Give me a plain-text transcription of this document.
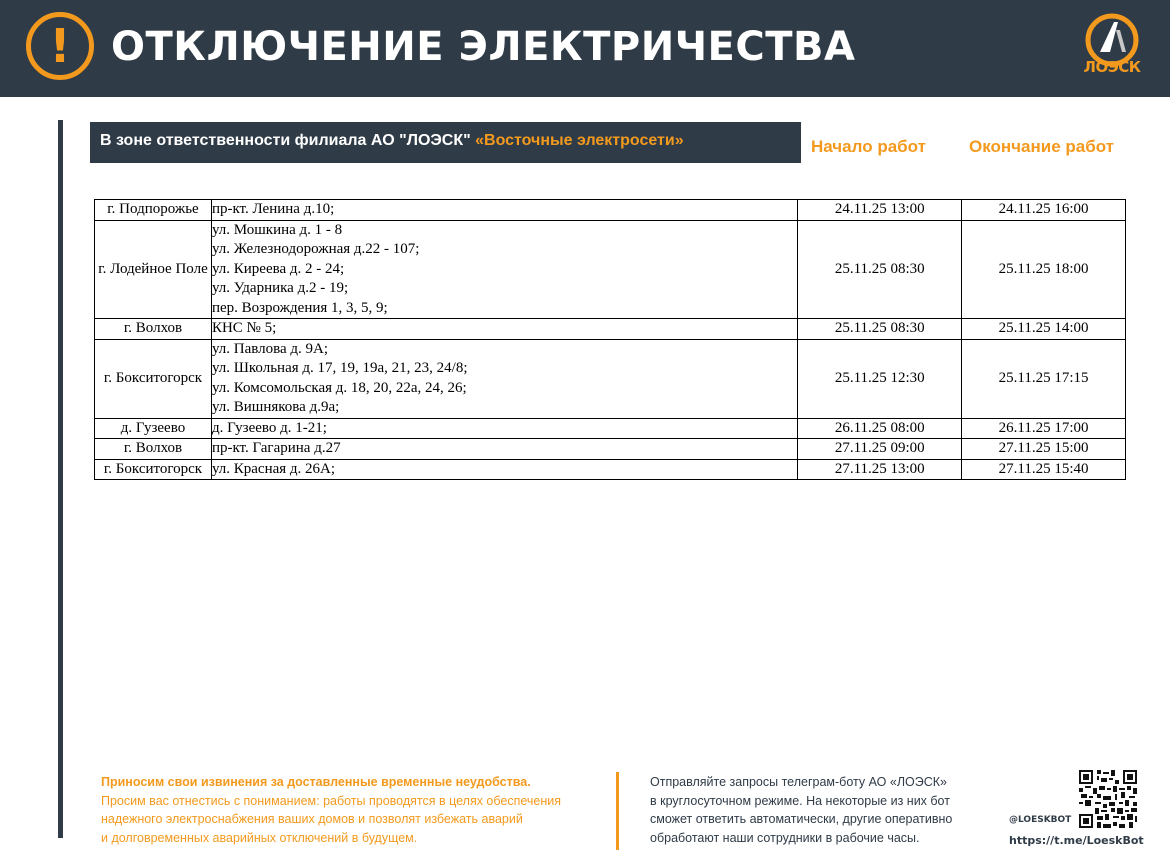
!	ОТКЛЮЧЕНИЕ ЭЛЕКТРИЧЕСТВА	ЛОЭСК
В зоне ответственности филиала АО "ЛОЭСК" «Восточные электросети»	Начало работ	Окончание работ
г. Подпорожье	пр-кт. Ленина д.10;	24.11.25 13:00	24.11.25 16:00
г. Лодейное Поле	ул. Мошкина д. 1 - 8
ул. Железнодорожная д.22 - 107;
ул. Киреева д. 2 - 24;
ул. Ударника д.2 - 19;
пер. Возрождения 1, 3, 5, 9;	25.11.25 08:30	25.11.25 18:00
г. Волхов	КНС № 5;	25.11.25 08:30	25.11.25 14:00
г. Бокситогорск	ул. Павлова д. 9А;
ул. Школьная д. 17, 19, 19а, 21, 23, 24/8;
ул. Комсомольская д. 18, 20, 22а, 24, 26;
ул. Вишнякова д.9а;	25.11.25 12:30	25.11.25 17:15
д. Гузеево	д. Гузеево д. 1-21;	26.11.25 08:00	26.11.25 17:00
г. Волхов	пр-кт. Гагарина д.27	27.11.25 09:00	27.11.25 15:00
г. Бокситогорск	ул. Красная д. 26А;	27.11.25 13:00	27.11.25 15:40
Приносим свои извинения за доставленные временные неудобства.
Просим вас отнестись с пониманием: работы проводятся в целях обеспечения
надежного электроснабжения ваших домов и позволят избежать аварий
и долговременных аварийных отключений в будущем.
Отправляйте запросы телеграм-боту АО «ЛОЭСК»
в круглосуточном режиме. На некоторые из них бот
сможет ответить автоматически, другие оперативно
обработают наши сотрудники в рабочие часы.
@LOESKBOT
https://t.me/LoeskBot
